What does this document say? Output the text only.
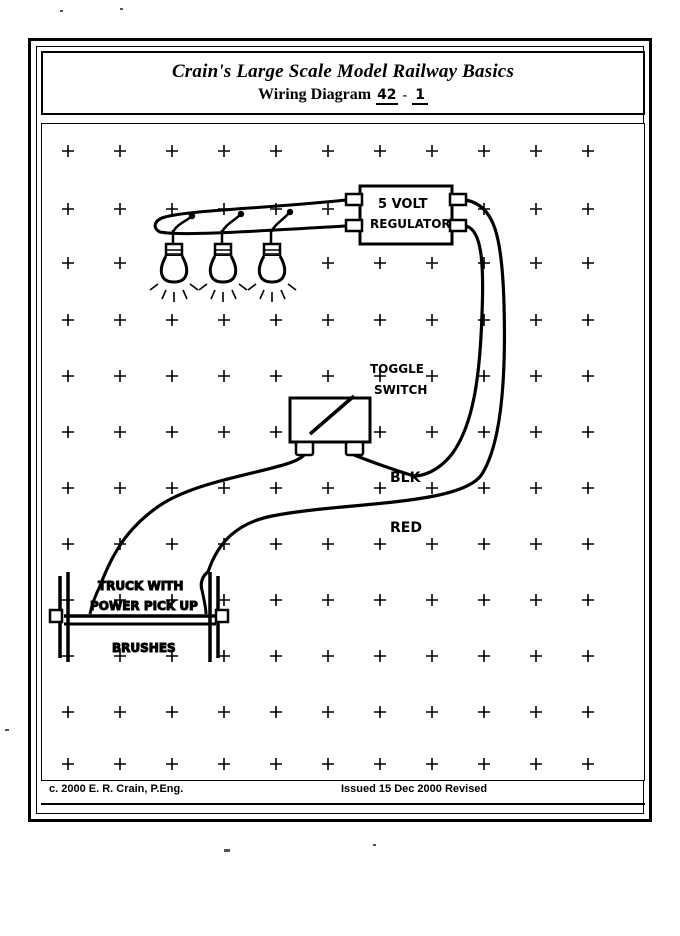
Crain's Large Scale Model Railway Basics
Wiring Diagram 42 - 1
5 VOLT
REGULATOR
TOGGLE
SWITCH
TRUCK WITH
POWER PICK UP
BRUSHES
BLK
RED
c. 2000 E. R. Crain, P.Eng.	Issued 15 Dec 2000 Revised
